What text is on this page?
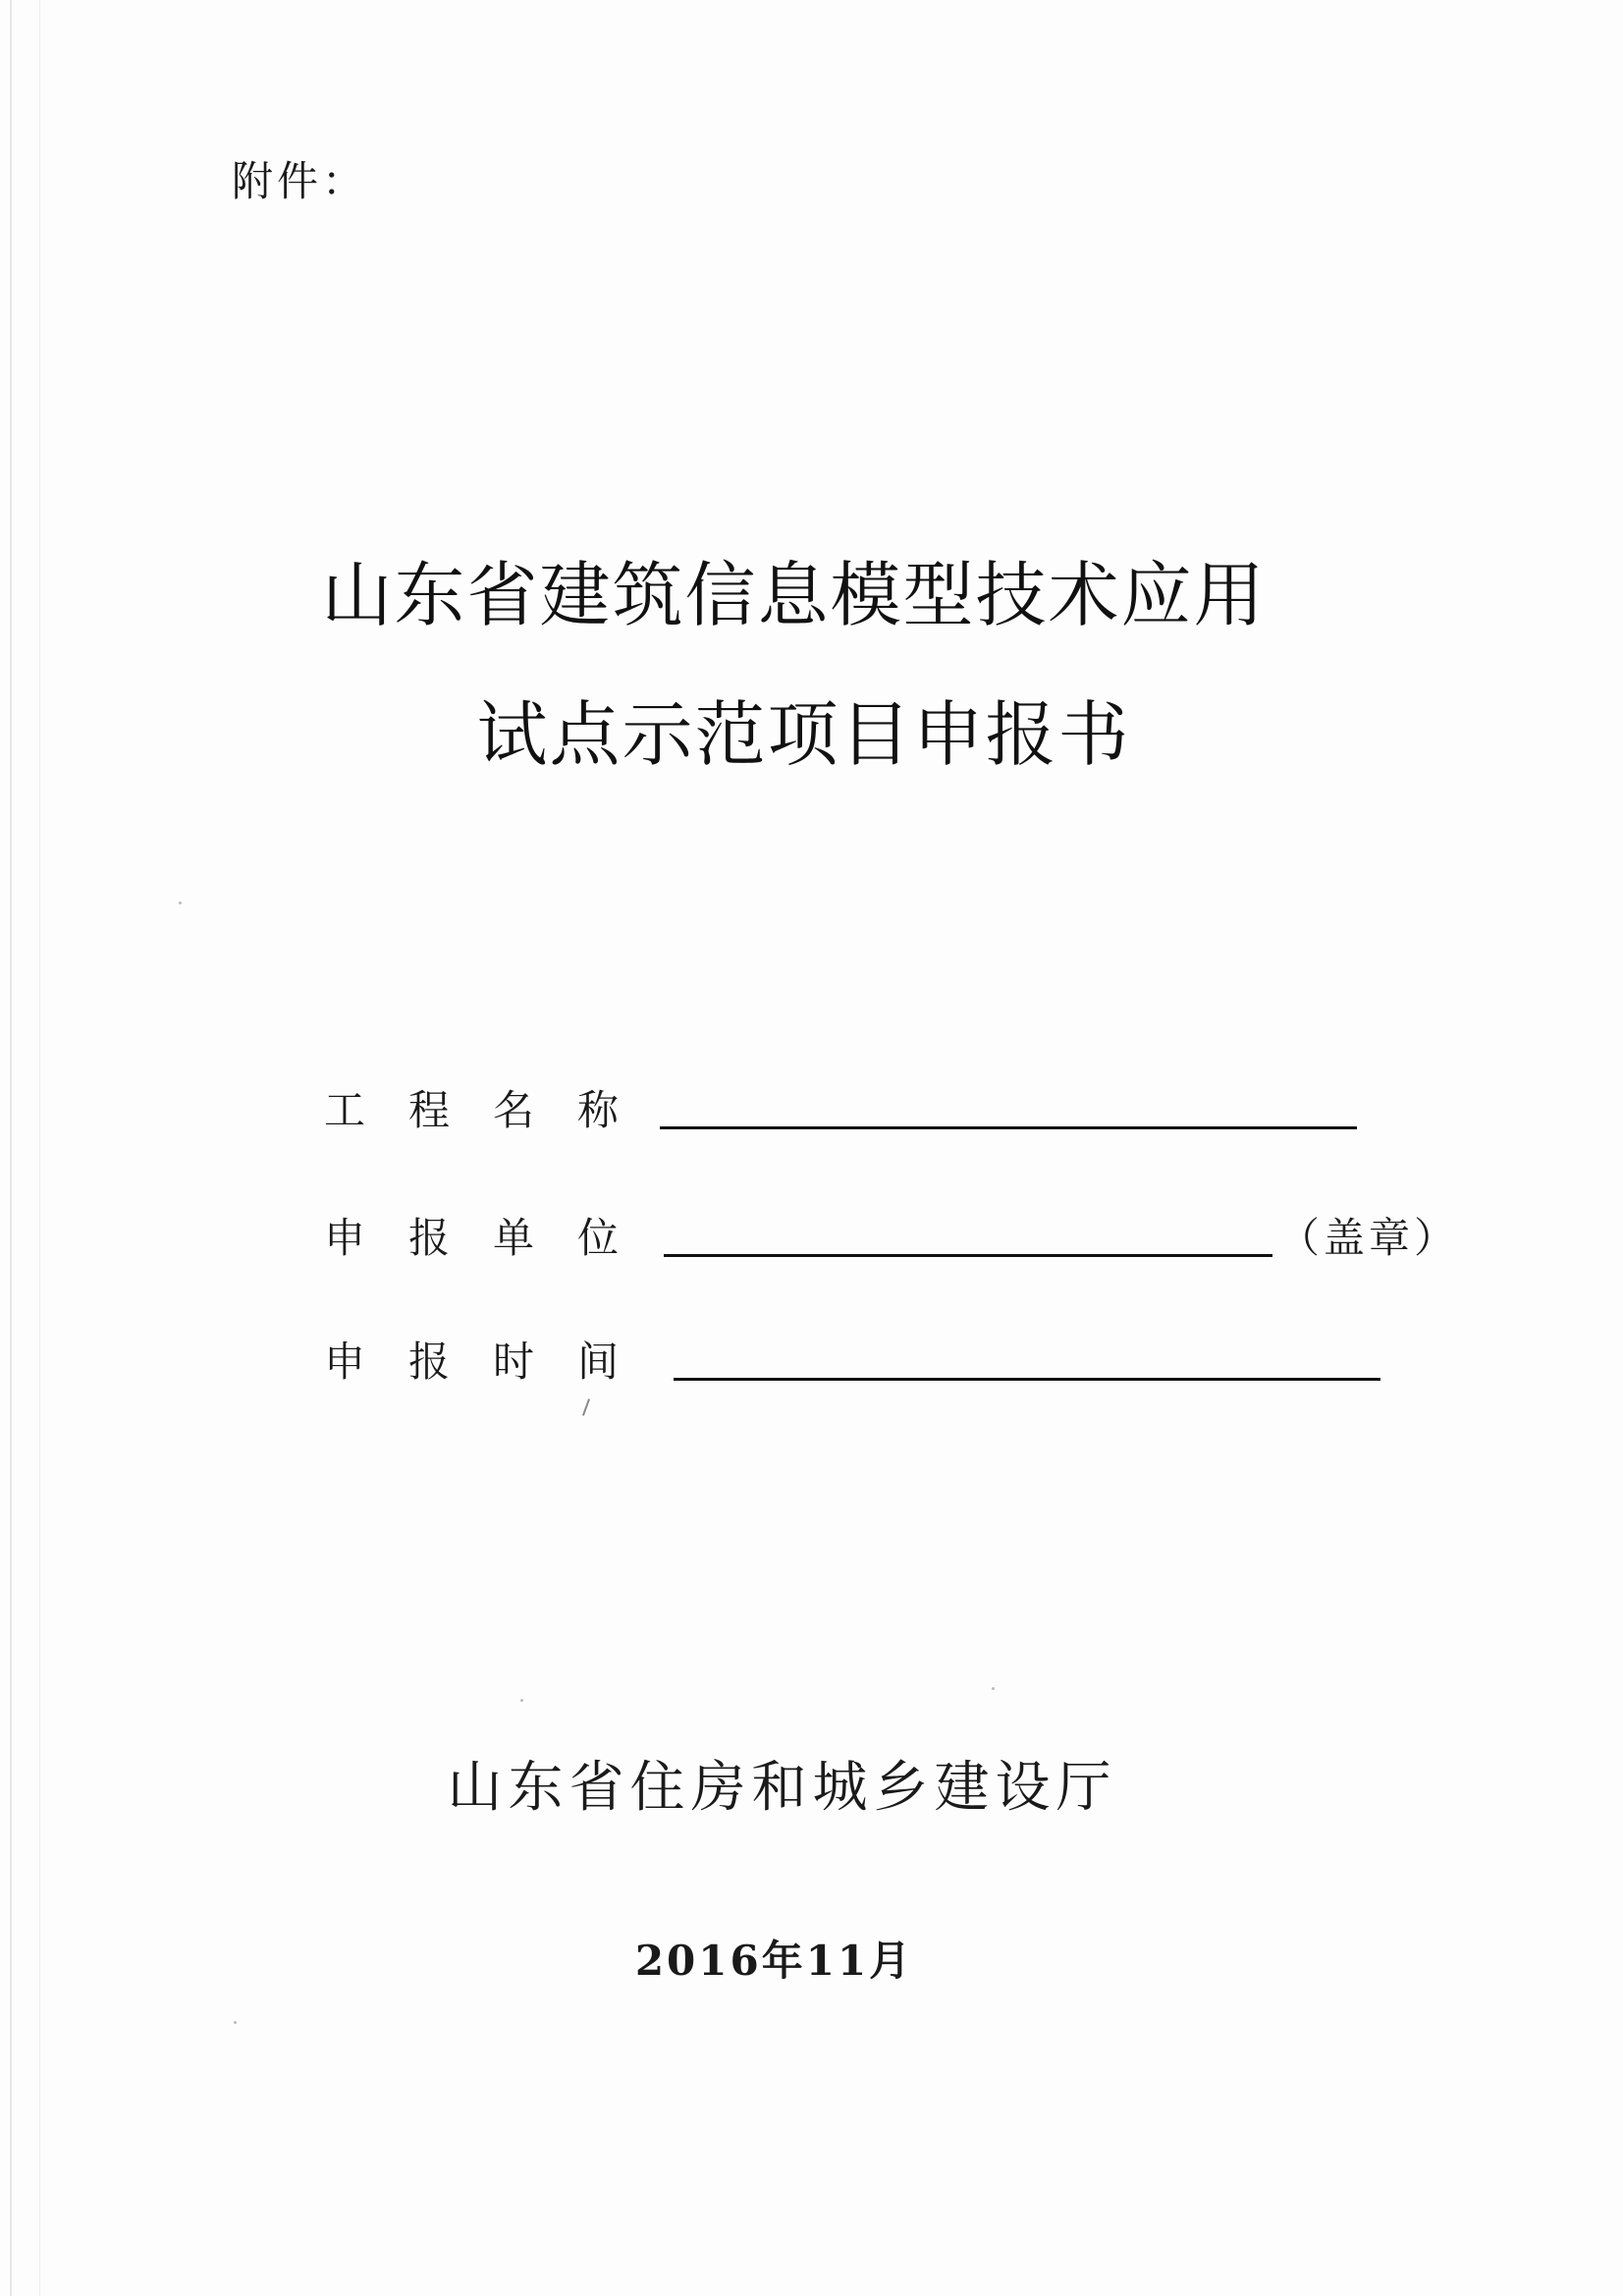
附件：
山东省建筑信息模型技术应用
试点示范项目申报书
工程名称
申报单位	（盖章）
申报时间
山东省住房和城乡建设厅
2016年11月
